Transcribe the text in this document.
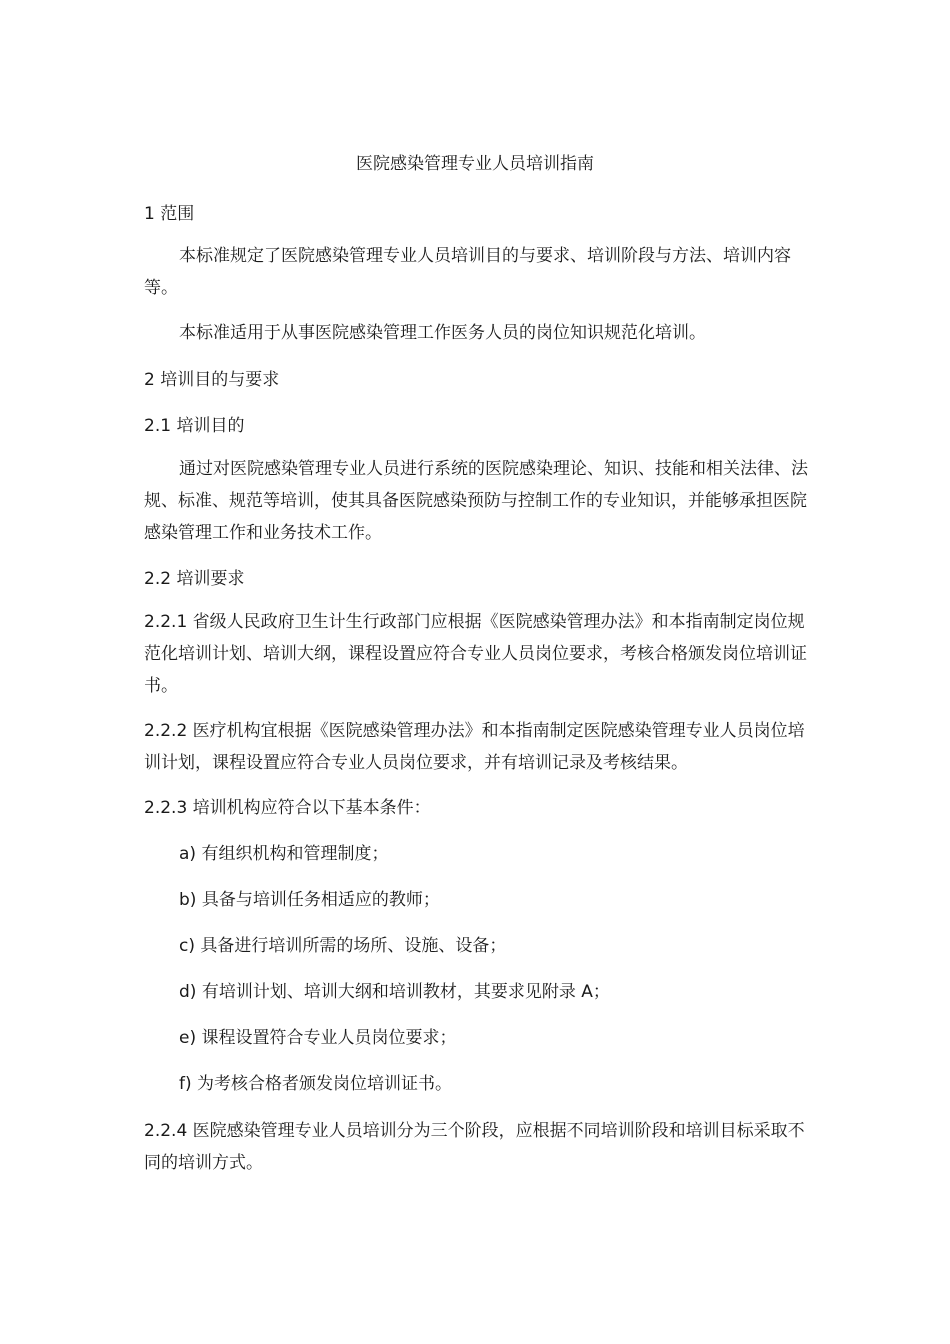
医院感染管理专业人员培训指南

1 范围

本标准规定了医院感染管理专业人员培训目的与要求、培训阶段与方法、培训内容等。

本标准适用于从事医院感染管理工作医务人员的岗位知识规范化培训。

2 培训目的与要求

2.1 培训目的

通过对医院感染管理专业人员进行系统的医院感染理论、知识、技能和相关法律、法规、标准、规范等培训，使其具备医院感染预防与控制工作的专业知识，并能够承担医院感染管理工作和业务技术工作。

2.2 培训要求

2.2.1 省级人民政府卫生计生行政部门应根据《医院感染管理办法》和本指南制定岗位规范化培训计划、培训大纲，课程设置应符合专业人员岗位要求，考核合格颁发岗位培训证书。

2.2.2 医疗机构宜根据《医院感染管理办法》和本指南制定医院感染管理专业人员岗位培训计划，课程设置应符合专业人员岗位要求，并有培训记录及考核结果。

2.2.3 培训机构应符合以下基本条件：

a) 有组织机构和管理制度；

b) 具备与培训任务相适应的教师；

c) 具备进行培训所需的场所、设施、设备；

d) 有培训计划、培训大纲和培训教材，其要求见附录 A；

e) 课程设置符合专业人员岗位要求；

f) 为考核合格者颁发岗位培训证书。

2.2.4 医院感染管理专业人员培训分为三个阶段，应根据不同培训阶段和培训目标采取不同的培训方式。
